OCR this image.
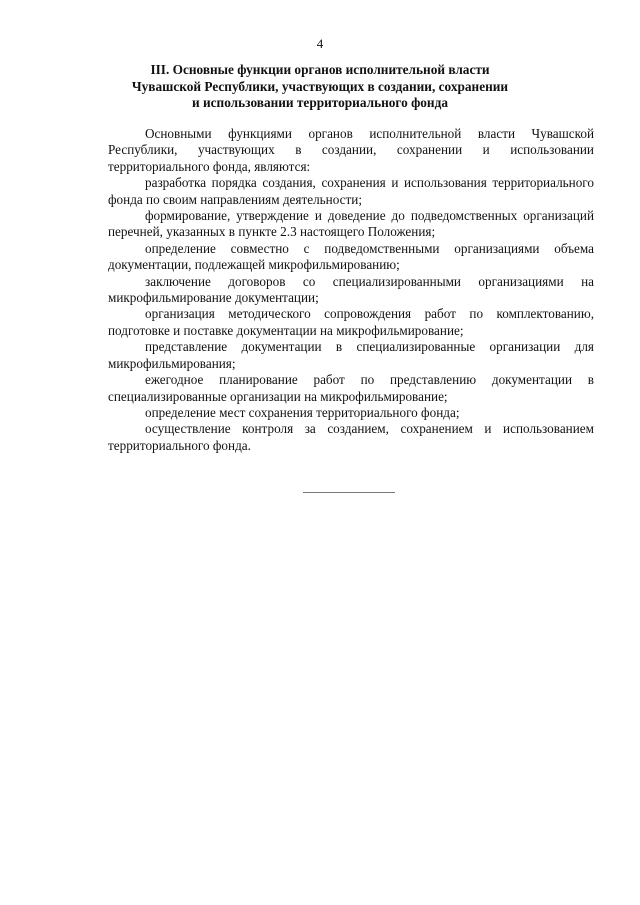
4
III. Основные функции органов исполнительной власти
Чувашской Республики, участвующих в создании, сохранении
и использовании территориального фонда

Основными функциями органов исполнительной власти Чувашской Республики, участвующих в создании, сохранении и использовании территориального фонда, являются:

разработка порядка создания, сохранения и использования территориального фонда по своим направлениям деятельности;

формирование, утверждение и доведение до подведомственных организаций перечней, указанных в пункте 2.3 настоящего Положения;

определение совместно с подведомственными организациями объема документации, подлежащей микрофильмированию;

заключение договоров со специализированными организациями на микрофильмирование документации;

организация методического сопровождения работ по комплектованию, подготовке и поставке документации на микрофильмирование;

представление документации в специализированные организации для микрофильмирования;

ежегодное планирование работ по представлению документации в специализированные организации на микрофильмирование;

определение мест сохранения территориального фонда;

осуществление контроля за созданием, сохранением и использованием территориального фонда.
